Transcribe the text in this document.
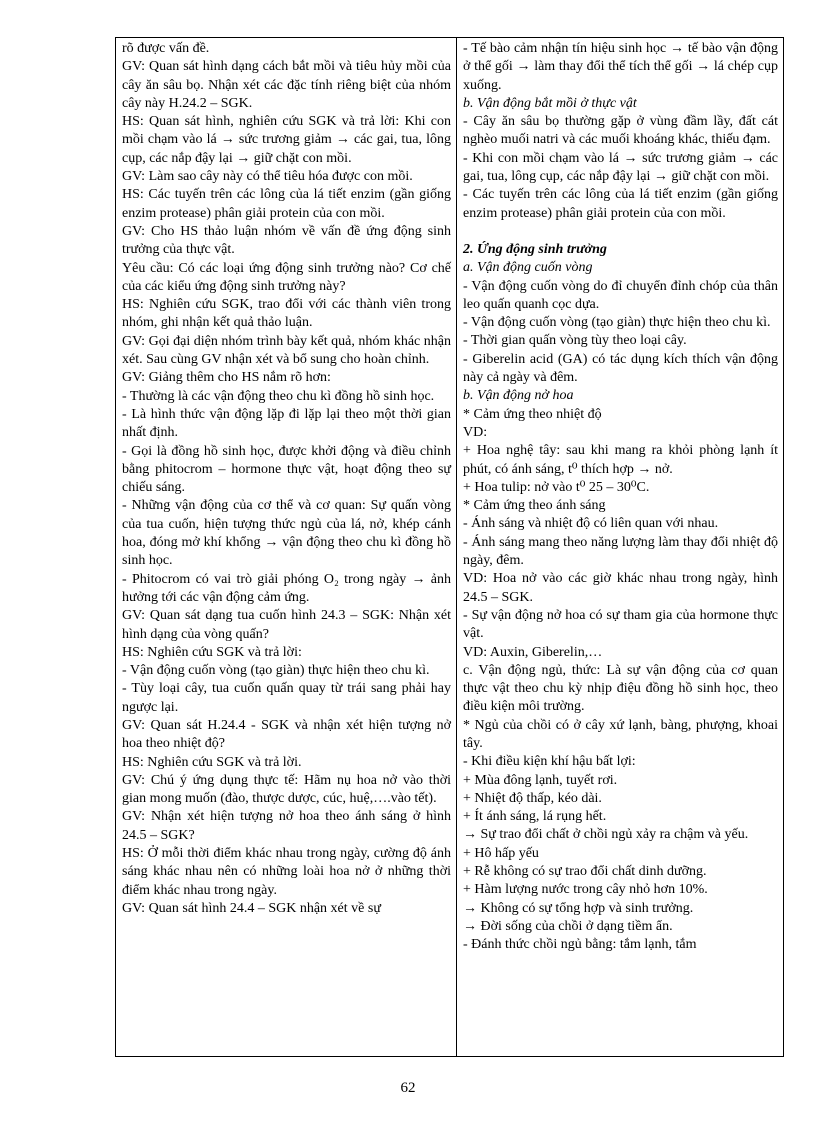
rõ được vấn đề.

GV: Quan sát hình dạng cách bắt mồi và tiêu hủy mồi của cây ăn sâu bọ. Nhận xét các đặc tính riêng biệt của nhóm cây này H.24.2 – SGK.

HS: Quan sát hình, nghiên cứu SGK và trả lời: Khi con mồi chạm vào lá → sức trương giảm → các gai, tua, lông cụp, các nắp đậy lại → giữ chặt con mồi.

GV: Làm sao cây này có thể tiêu hóa được con mồi.

HS: Các tuyến trên các lông của lá tiết enzim (gần giống enzim protease) phân giải protein của con mồi.

GV: Cho HS thảo luận nhóm về vấn đề ứng động sinh trưởng của thực vật.

Yêu cầu: Có các loại ứng động sinh trưởng nào? Cơ chế của các kiểu ứng động sinh trưởng này?

HS: Nghiên cứu SGK, trao đổi với các thành viên trong nhóm, ghi nhận kết quả thảo luận.

GV: Gọi đại diện nhóm trình bày kết quả, nhóm khác nhận xét. Sau cùng GV nhận xét và bổ sung cho hoàn chỉnh.

GV: Giảng thêm cho HS nắm rõ hơn:

- Thường là các vận động theo chu kì đồng hồ sinh học.

- Là hình thức vận động lặp đi lặp lại theo một thời gian nhất định.

- Gọi là đồng hồ sinh học, được khởi động và điều chỉnh bằng phitocrom – hormone thực vật, hoạt động theo sự chiếu sáng.

- Những vận động của cơ thể và cơ quan: Sự quấn vòng của tua cuốn, hiện tượng thức ngủ của lá, nở, khép cánh hoa, đóng mở khí khổng → vận động theo chu kì đồng hồ sinh học.

- Phitocrom có vai trò giải phóng O₂ trong ngày → ảnh hưởng tới các vận động cảm ứng.

GV: Quan sát dạng tua cuốn hình 24.3 – SGK: Nhận xét hình dạng của vòng quấn?

HS: Nghiên cứu SGK và trả lời:

- Vận động cuốn vòng (tạo giàn) thực hiện theo chu kì.

- Tùy loại cây, tua cuốn quấn quay từ trái sang phải hay ngược lại.

GV: Quan sát H.24.4 - SGK và nhận xét hiện tượng nở hoa theo nhiệt độ?

HS: Nghiên cứu SGK và trả lời.

GV: Chú ý ứng dụng thực tế: Hãm nụ hoa nở vào thời gian mong muốn (đào, thược dược, cúc, huệ,….vào tết).

GV: Nhận xét hiện tượng nở hoa theo ánh sáng ở hình 24.5 – SGK?

HS: Ở mỗi thời điểm khác nhau trong ngày, cường độ ánh sáng khác nhau nên có những loài hoa nở ở những thời điểm khác nhau trong ngày.

GV: Quan sát hình 24.4 – SGK nhận xét về sự

- Tế bào cảm nhận tín hiệu sinh học → tế bào vận động ở thể gối → làm thay đổi thể tích thể gối → lá chép cụp xuống.

b. Vận động bắt mồi ở thực vật

- Cây ăn sâu bọ thường gặp ở vùng đầm lầy, đất cát nghèo muối natri và các muối khoáng khác, thiếu đạm.

- Khi con mồi chạm vào lá → sức trương giảm → các gai, tua, lông cụp, các nắp đậy lại → giữ chặt con mồi.

- Các tuyến trên các lông của lá tiết enzim (gần giống enzim protease) phân giải protein của con mồi.

2. Ứng động sinh trưởng

a. Vận động cuốn vòng

- Vận động cuốn vòng do đỉ chuyển đỉnh chóp của thân leo quấn quanh cọc dựa.

- Vận động cuốn vòng (tạo giàn) thực hiện theo chu kì.

- Thời gian quấn vòng tùy theo loại cây.

- Giberelin acid (GA) có tác dụng kích thích vận động này cả ngày và đêm.

b. Vận động nở hoa

* Cảm ứng theo nhiệt độ

VD:

+ Hoa nghệ tây: sau khi mang ra khỏi phòng lạnh ít phút, có ánh sáng, t⁰ thích hợp → nở.

+ Hoa tulip: nở vào t⁰ 25 – 30⁰C.

* Cảm ứng theo ánh sáng

- Ánh sáng và nhiệt độ có liên quan với nhau.

- Ánh sáng mang theo năng lượng làm thay đổi nhiệt độ ngày, đêm.

VD: Hoa nở vào các giờ khác nhau trong ngày, hình 24.5 – SGK.

- Sự vận động nở hoa có sự tham gia của hormone thực vật.

VD: Auxin, Giberelin,…

c. Vận động ngủ, thức: Là sự vận động của cơ quan thực vật theo chu kỳ nhịp điệu đồng hồ sinh học, theo điều kiện môi trường.

* Ngủ của chồi có ở cây xứ lạnh, bàng, phượng, khoai tây.

- Khi điều kiện khí hậu bất lợi:

+ Mùa đông lạnh, tuyết rơi.

+ Nhiệt độ thấp, kéo dài.

+ Ít ánh sáng, lá rụng hết.

→ Sự trao đổi chất ở chồi ngủ xảy ra chậm và yếu.

+ Hô hấp yếu

+ Rễ không có sự trao đổi chất dinh dưỡng.

+ Hàm lượng nước trong cây nhỏ hơn 10%.

→ Không có sự tổng hợp và sinh trưởng.

→ Đời sống của chồi ở dạng tiềm ẩn.

- Đánh thức chồi ngủ bằng: tắm lạnh, tắm

62
